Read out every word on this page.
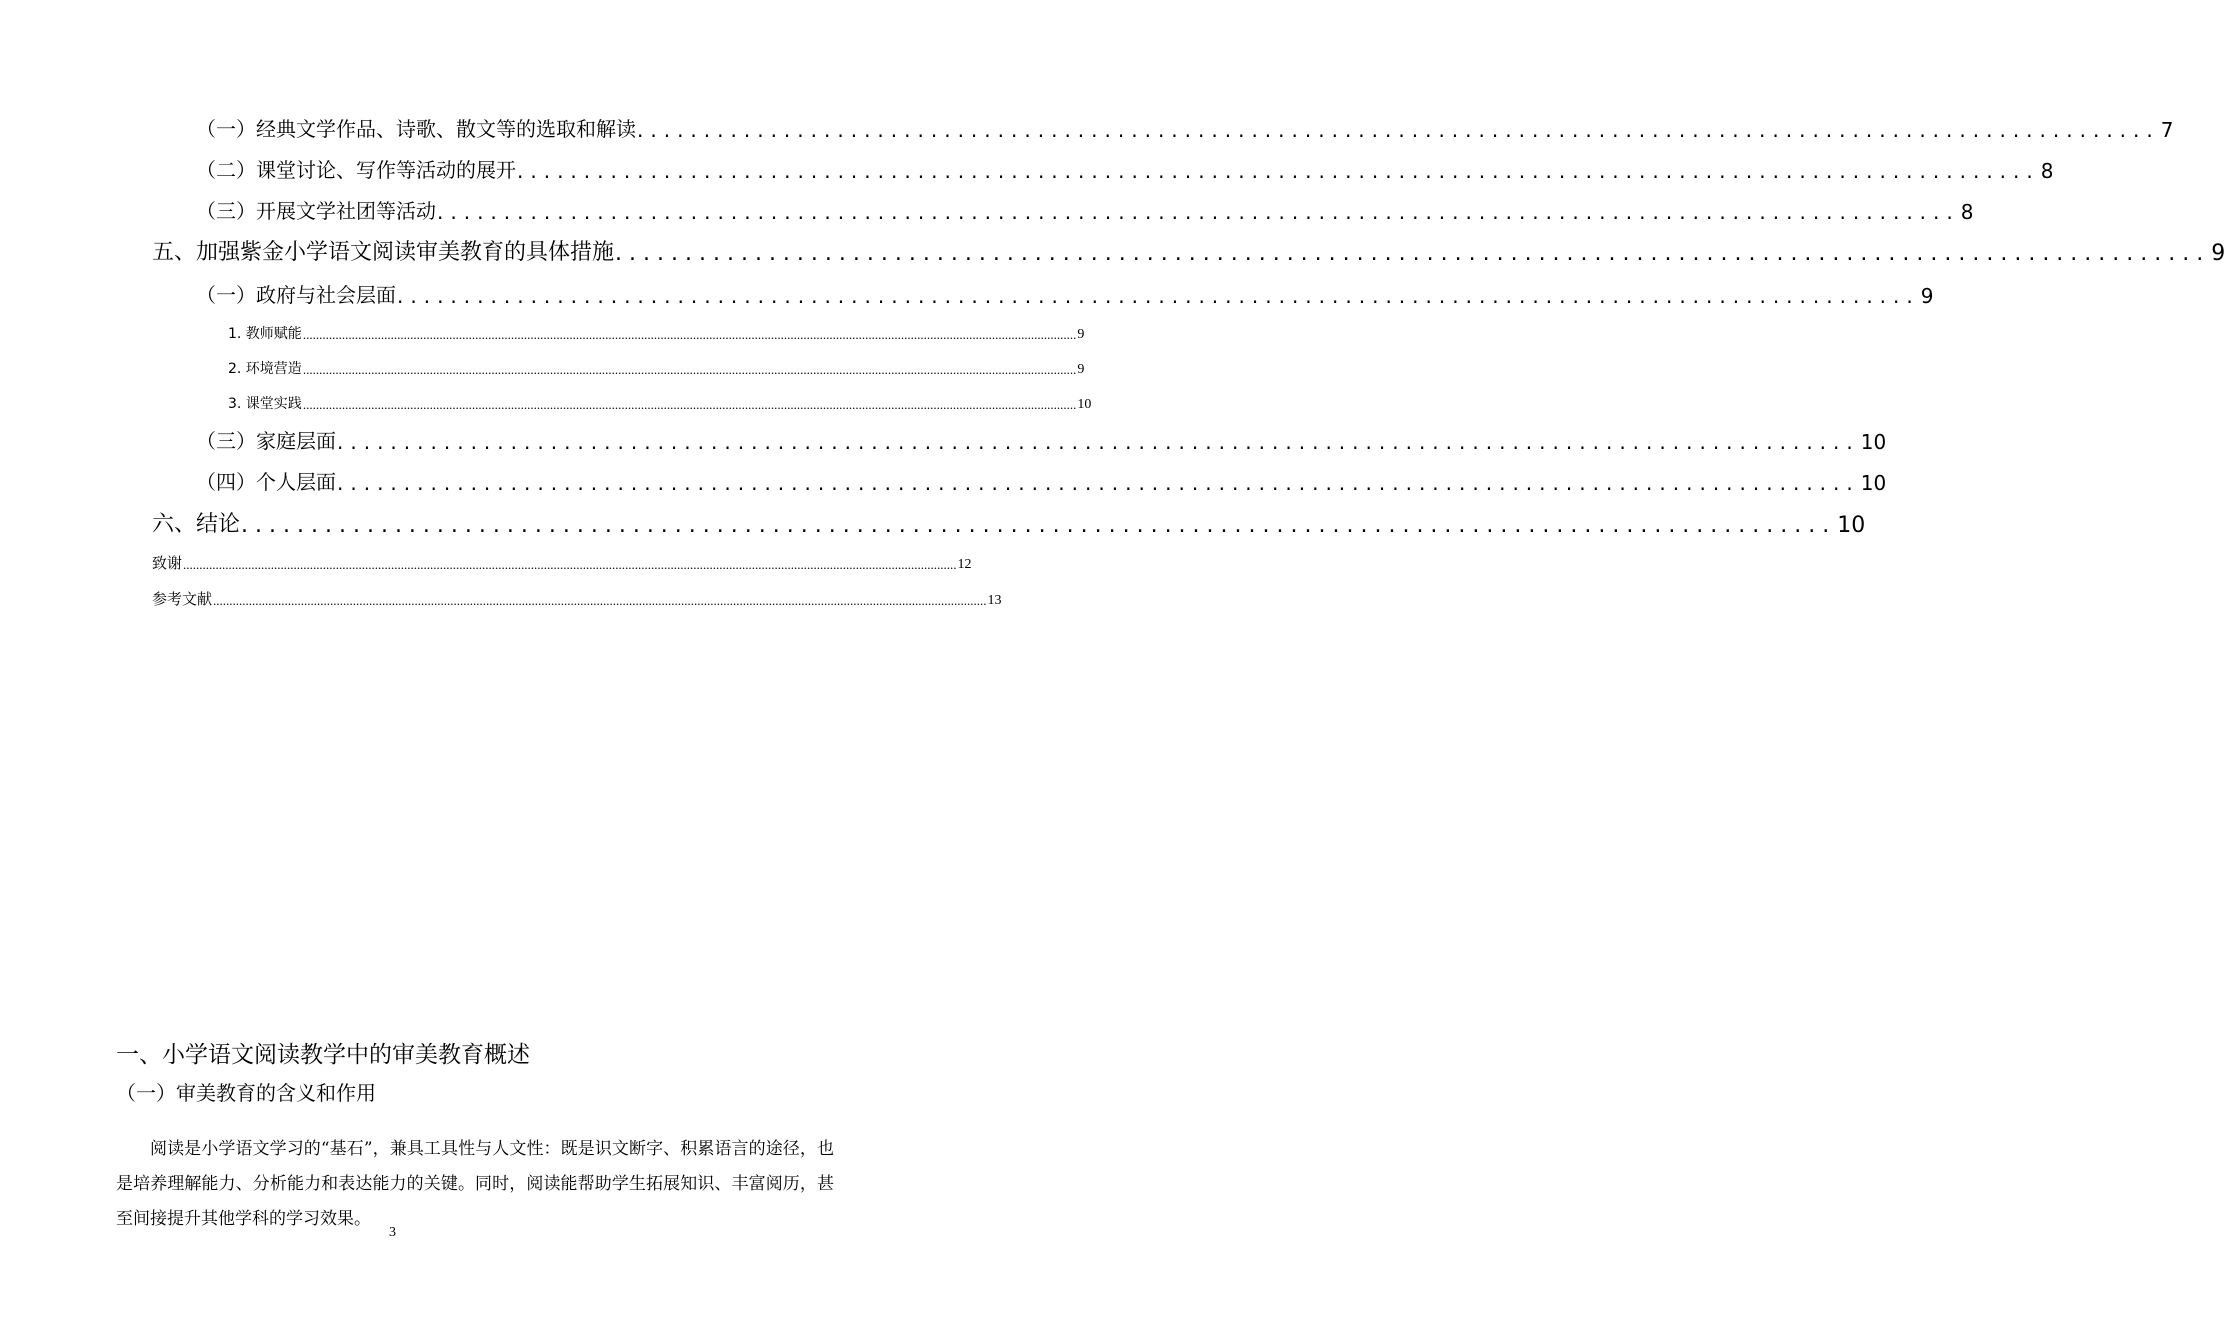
（一）经典文学作品、诗歌、散文等的选取和解读 .................................................................................................................. 7
（二）课堂讨论、写作等活动的展开 .................................................................................................................. 8
（三）开展文学社团等活动 .................................................................................................................. 8
五、加强紫金小学语文阅读审美教育的具体措施 .................................................................................................................. 9
（一）政府与社会层面 .................................................................................................................. 9
1. 教师赋能 .............................................................................................................................................................................................................................................. 9
2. 环境营造 .............................................................................................................................................................................................................................................. 9
3. 课堂实践 .............................................................................................................................................................................................................................................. 10
（三）家庭层面 .................................................................................................................. 10
（四）个人层面 .................................................................................................................. 10
六、结论 .................................................................................................................. 10
致谢 .............................................................................................................................................................................................................................................. 12
参考文献 .............................................................................................................................................................................................................................................. 13
一、小学语文阅读教学中的审美教育概述
（一）审美教育的含义和作用

阅读是小学语文学习的“基石”，兼具工具性与人文性：既是识文断字、积累语言的途径，也是培养理解能力、分析能力和表达能力的关键。同时，阅读能帮助学生拓展知识、丰富阅历，甚至间接提升其他学科的学习效果。

3
